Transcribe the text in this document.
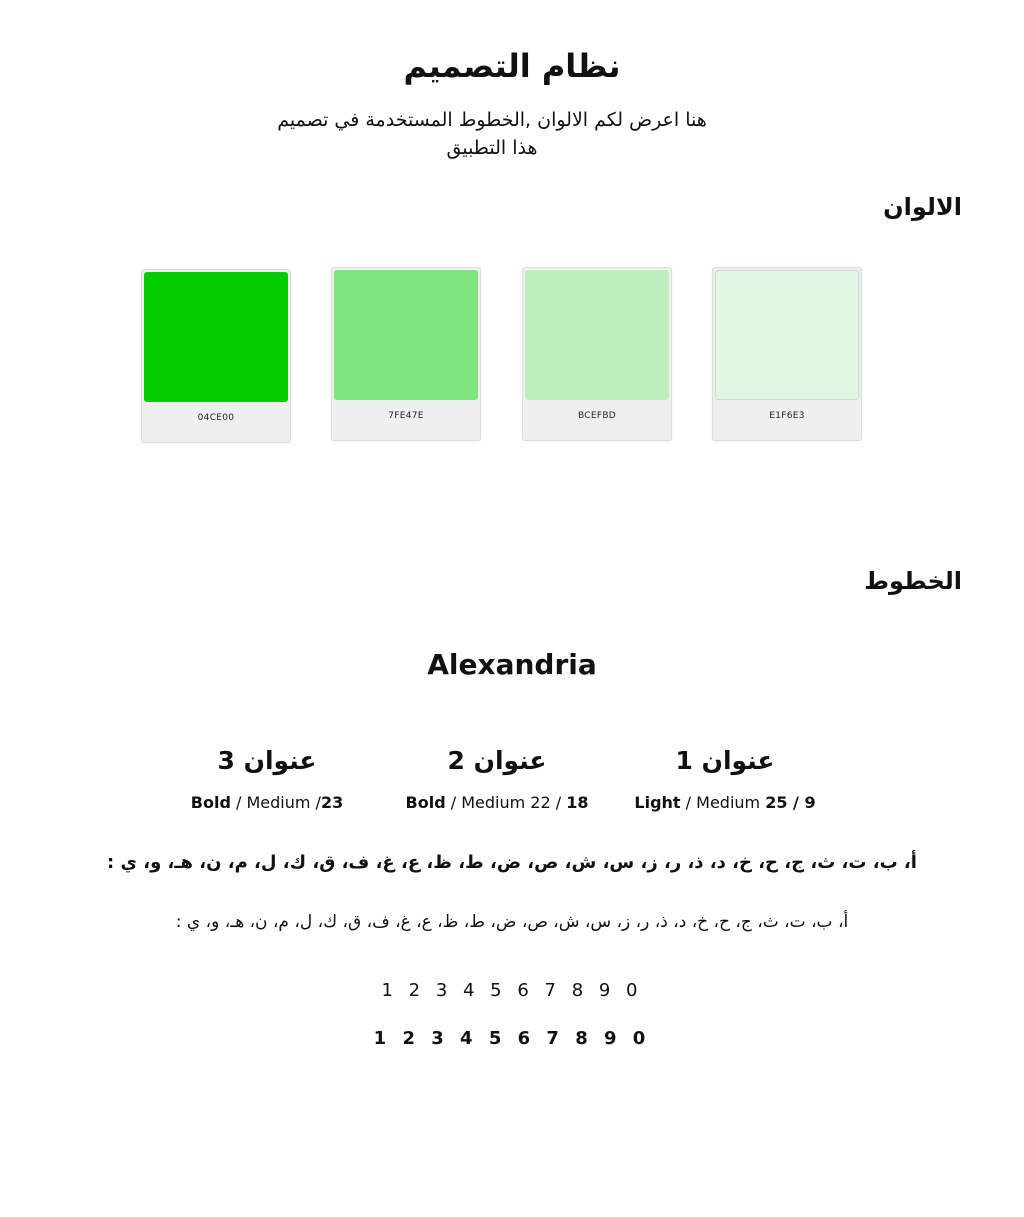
نظام التصميم
هنا اعرض لكم الالوان ,الخطوط المستخدمة في تصميم هذا التطبيق
الالوان
04CE00	7FE47E	BCEFBD	E1F6E3
الخطوط
Alexandria
عنوان 1
Light / Medium 25 / 9
عنوان 2
Bold / Medium 22 / 18
عنوان 3
Bold / Medium /23
أ، ب، ت، ث، ج، ح، خ، د، ذ، ر، ز، س، ش، ص، ض، ط، ظ، ع، غ، ف، ق، ك، ل، م، ن، هـ، و، ي :
أ، ب، ت، ث، ج، ح، خ، د، ذ، ر، ز، س، ش، ص، ض، ط، ظ، ع، غ، ف، ق، ك، ل، م، ن، هـ، و، ي :
1 2 3 4 5 6 7 8 9 0
1 2 3 4 5 6 7 8 9 0
